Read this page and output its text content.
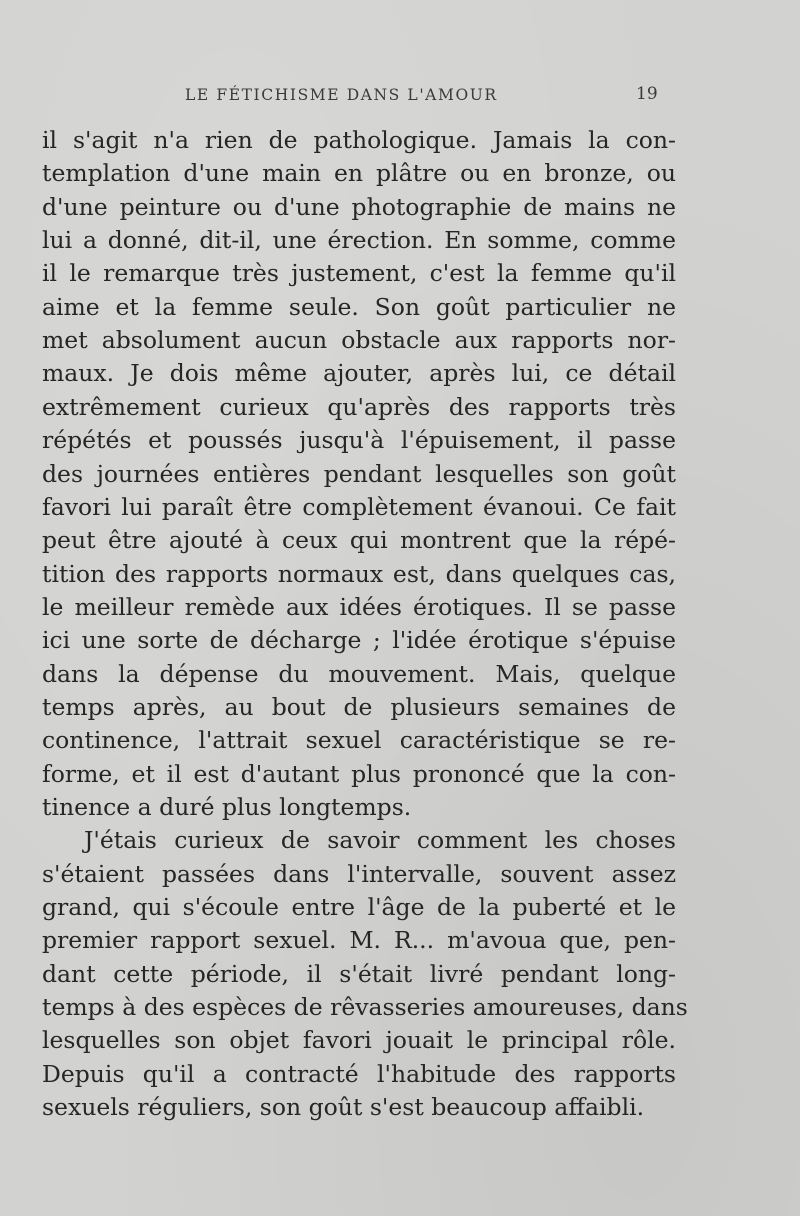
LE FÉTICHISME DANS L'AMOUR	19
il s'agit n'a rien de pathologique. Jamais la con-
templation d'une main en plâtre ou en bronze, ou
d'une peinture ou d'une photographie de mains ne
lui a donné, dit-il, une érection. En somme, comme
il le remarque très justement, c'est la femme qu'il
aime et la femme seule. Son goût particulier ne
met absolument aucun obstacle aux rapports nor-
maux. Je dois même ajouter, après lui, ce détail
extrêmement curieux qu'après des rapports très
répétés et poussés jusqu'à l'épuisement, il passe
des journées entières pendant lesquelles son goût
favori lui paraît être complètement évanoui. Ce fait
peut être ajouté à ceux qui montrent que la répé-
tition des rapports normaux est, dans quelques cas,
le meilleur remède aux idées érotiques. Il se passe
ici une sorte de décharge ; l'idée érotique s'épuise
dans la dépense du mouvement. Mais, quelque
temps après, au bout de plusieurs semaines de
continence, l'attrait sexuel caractéristique se re-
forme, et il est d'autant plus prononcé que la con-
tinence a duré plus longtemps.
J'étais curieux de savoir comment les choses
s'étaient passées dans l'intervalle, souvent assez
grand, qui s'écoule entre l'âge de la puberté et le
premier rapport sexuel. M. R... m'avoua que, pen-
dant cette période, il s'était livré pendant long-
temps à des espèces de rêvasseries amoureuses, dans
lesquelles son objet favori jouait le principal rôle.
Depuis qu'il a contracté l'habitude des rapports
sexuels réguliers, son goût s'est beaucoup affaibli.
